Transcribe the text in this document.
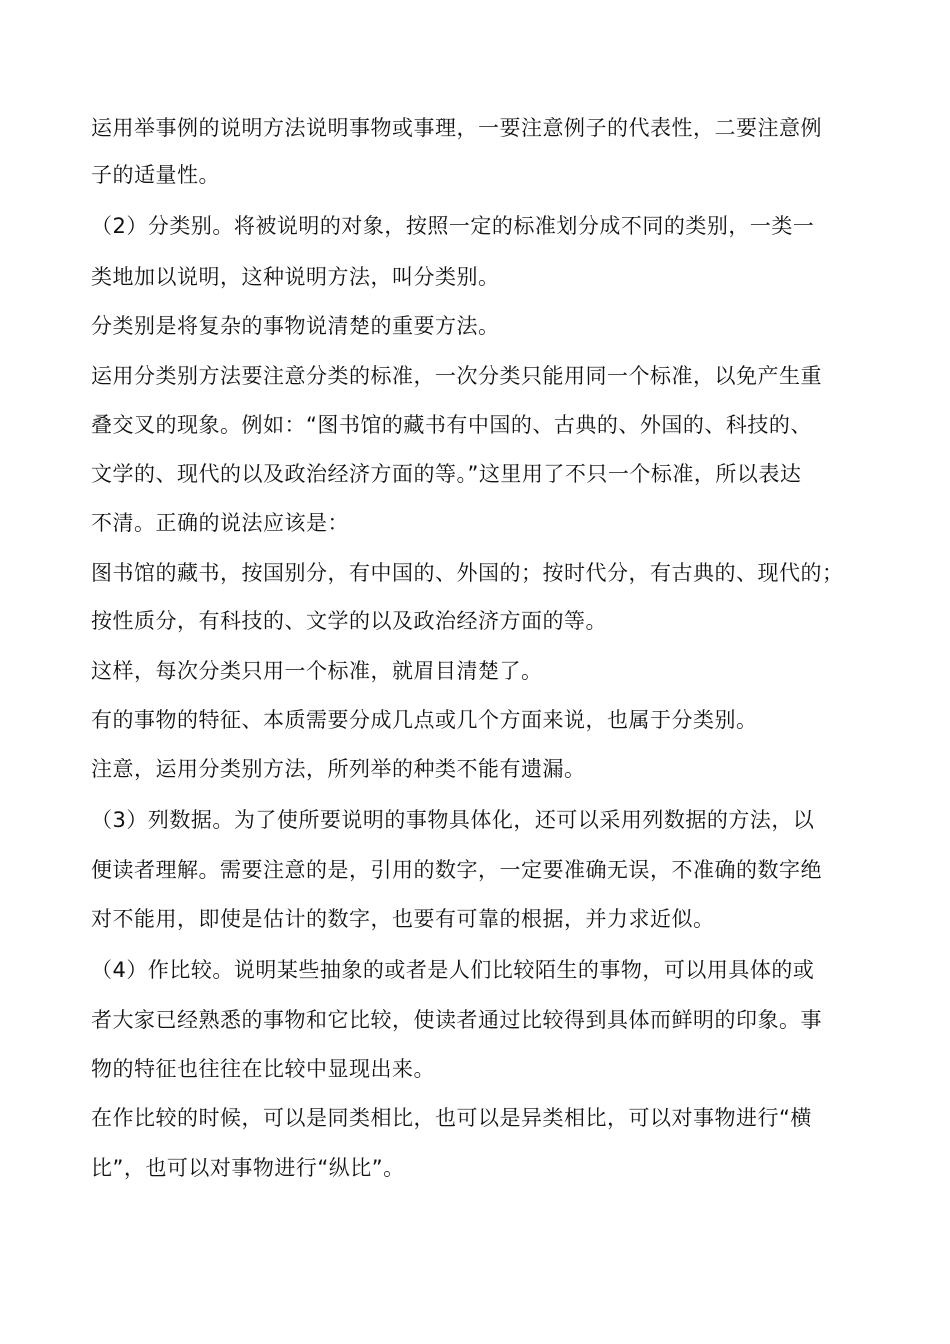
运用举事例的说明方法说明事物或事理，一要注意例子的代表性，二要注意例
子的适量性。
（2）分类别。将被说明的对象，按照一定的标准划分成不同的类别，一类一
类地加以说明，这种说明方法，叫分类别。
分类别是将复杂的事物说清楚的重要方法。
运用分类别方法要注意分类的标准，一次分类只能用同一个标准，以免产生重
叠交叉的现象。例如：“图书馆的藏书有中国的、古典的、外国的、科技的、
文学的、现代的以及政治经济方面的等。”这里用了不只一个标准，所以表达
不清。正确的说法应该是：
图书馆的藏书，按国别分，有中国的、外国的；按时代分，有古典的、现代的；
按性质分，有科技的、文学的以及政治经济方面的等。
这样，每次分类只用一个标准，就眉目清楚了。
有的事物的特征、本质需要分成几点或几个方面来说，也属于分类别。
注意，运用分类别方法，所列举的种类不能有遗漏。
（3）列数据。为了使所要说明的事物具体化，还可以采用列数据的方法，以
便读者理解。需要注意的是，引用的数字，一定要准确无误，不准确的数字绝
对不能用，即使是估计的数字，也要有可靠的根据，并力求近似。
（4）作比较。说明某些抽象的或者是人们比较陌生的事物，可以用具体的或
者大家已经熟悉的事物和它比较，使读者通过比较得到具体而鲜明的印象。事
物的特征也往往在比较中显现出来。
在作比较的时候，可以是同类相比，也可以是异类相比，可以对事物进行“横
比”，也可以对事物进行“纵比”。
